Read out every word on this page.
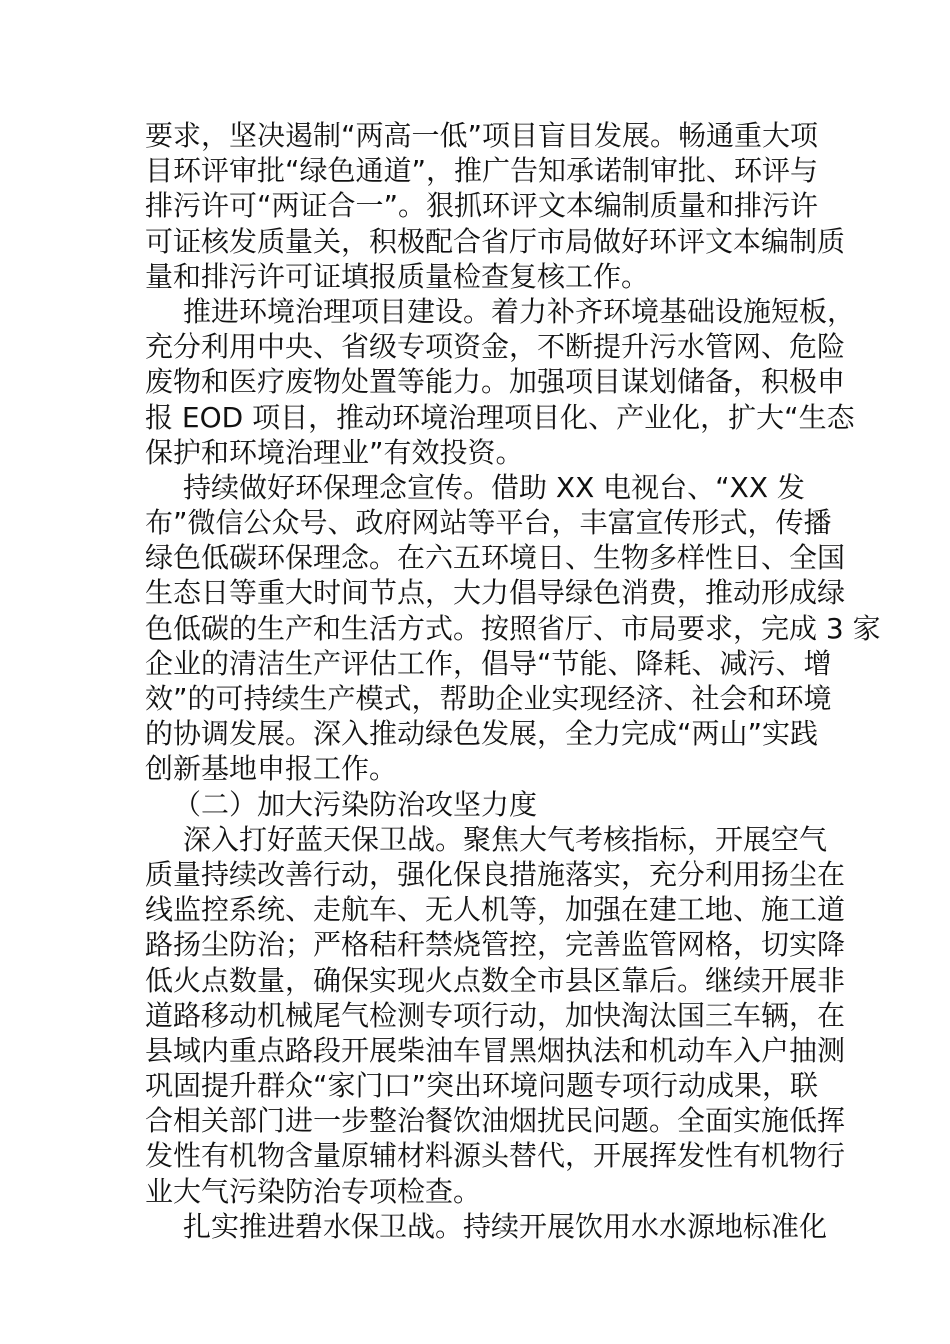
要求，坚决遏制“两高一低”项目盲目发展。畅通重大项
目环评审批“绿色通道”，推广告知承诺制审批、环评与
排污许可“两证合一”。狠抓环评文本编制质量和排污许
可证核发质量关，积极配合省厅市局做好环评文本编制质
量和排污许可证填报质量检查复核工作。
推进环境治理项目建设。着力补齐环境基础设施短板，
充分利用中央、省级专项资金，不断提升污水管网、危险
废物和医疗废物处置等能力。加强项目谋划储备，积极申
报 EOD 项目，推动环境治理项目化、产业化，扩大“生态
保护和环境治理业”有效投资。
持续做好环保理念宣传。借助 XX 电视台、“XX 发
布”微信公众号、政府网站等平台，丰富宣传形式，传播
绿色低碳环保理念。在六五环境日、生物多样性日、全国
生态日等重大时间节点，大力倡导绿色消费，推动形成绿
色低碳的生产和生活方式。按照省厅、市局要求，完成 3 家
企业的清洁生产评估工作，倡导“节能、降耗、减污、增
效”的可持续生产模式，帮助企业实现经济、社会和环境
的协调发展。深入推动绿色发展，全力完成“两山”实践
创新基地申报工作。
（二）加大污染防治攻坚力度
深入打好蓝天保卫战。聚焦大气考核指标，开展空气
质量持续改善行动，强化保良措施落实，充分利用扬尘在
线监控系统、走航车、无人机等，加强在建工地、施工道
路扬尘防治；严格秸秆禁烧管控，完善监管网格，切实降
低火点数量，确保实现火点数全市县区靠后。继续开展非
道路移动机械尾气检测专项行动，加快淘汰国三车辆，在
县域内重点路段开展柴油车冒黑烟执法和机动车入户抽测
巩固提升群众“家门口”突出环境问题专项行动成果，联
合相关部门进一步整治餐饮油烟扰民问题。全面实施低挥
发性有机物含量原辅材料源头替代，开展挥发性有机物行
业大气污染防治专项检查。
扎实推进碧水保卫战。持续开展饮用水水源地标准化
